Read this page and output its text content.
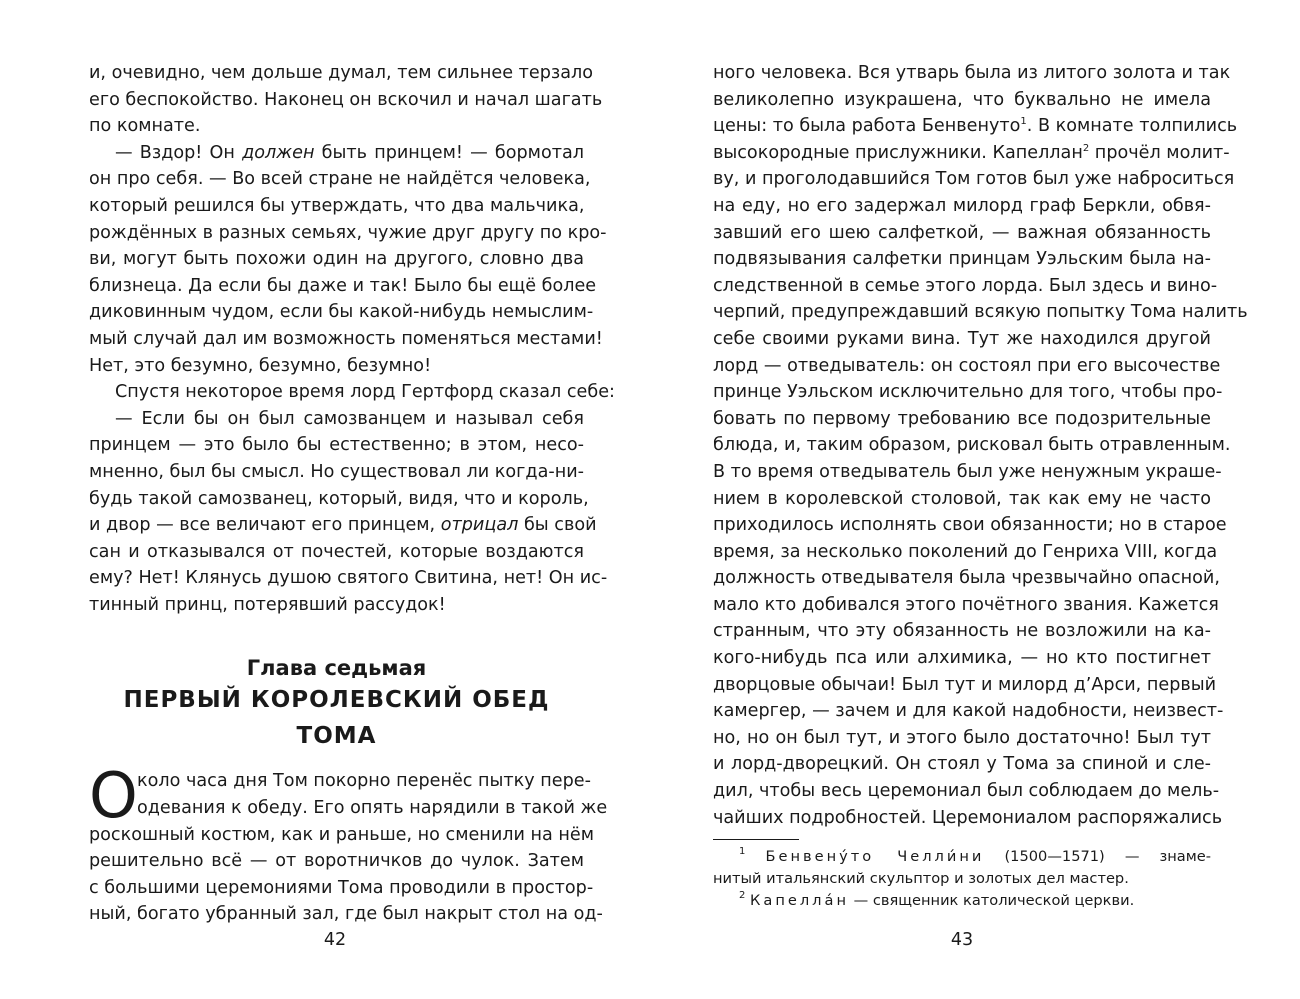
и, очевидно, чем дольше думал, тем сильнее терзало
его беспокойство. Наконец он вскочил и начал шагать
по комнате.
— Вздор! Он должен быть принцем! — бормотал
он про себя. — Во всей стране не найдётся человека,
который решился бы утверждать, что два мальчика,
рождённых в разных семьях, чужие друг другу по кро-
ви, могут быть похожи один на другого, словно два
близнеца. Да если бы даже и так! Было бы ещё более
диковинным чудом, если бы какой-нибудь немыслим-
мый случай дал им возможность поменяться местами!
Нет, это безумно, безумно, безумно!
Спустя некоторое время лорд Гертфорд сказал себе:
— Если бы он был самозванцем и называл себя
принцем — это было бы естественно; в этом, несо-
мненно, был бы смысл. Но существовал ли когда-ни-
будь такой самозванец, который, видя, что и король,
и двор — все величают его принцем, отрицал бы свой
сан и отказывался от почестей, которые воздаются
ему? Нет! Клянусь душою святого Свитина, нет! Он ис-
тинный принц, потерявший рассудок!
Глава седьмая
ПЕРВЫЙ КОРОЛЕВСКИЙ ОБЕД ТОМА
О коло часа дня Том покорно перенёс пытку пере-
одевания к обеду. Его опять нарядили в такой же
роскошный костюм, как и раньше, но сменили на нём
решительно всё — от воротничков до чулок. Затем
с большими церемониями Тома проводили в простор-
ный, богато убранный зал, где был накрыт стол на од-
42
ного человека. Вся утварь была из литого золота и так
великолепно изукрашена, что буквально не имела
цены: то была работа Бенвенуто$^1$. В комнате толпились
высокородные прислужники. Капеллан$^2$ прочёл молит-
ву, и проголодавшийся Том готов был уже наброситься
на еду, но его задержал милорд граф Беркли, обвя-
завший его шею салфеткой, — важная обязанность
подвязывания салфетки принцам Уэльским была на-
следственной в семье этого лорда. Был здесь и вино-
черпий, предупреждавший всякую попытку Тома налить
себе своими руками вина. Тут же находился другой
лорд — отведыватель: он состоял при его высочестве
принце Уэльском исключительно для того, чтобы про-
бовать по первому требованию все подозрительные
блюда, и, таким образом, рисковал быть отравленным.
В то время отведыватель был уже ненужным украше-
нием в королевской столовой, так как ему не часто
приходилось исполнять свои обязанности; но в старое
время, за несколько поколений до Генриха VIII, когда
должность отведывателя была чрезвычайно опасной,
мало кто добивался этого почётного звания. Кажется
странным, что эту обязанность не возложили на ка-
кого-нибудь пса или алхимика, — но кто постигнет
дворцовые обычаи! Был тут и милорд д’Арси, первый
камергер, — зачем и для какой надобности, неизвест-
но, но он был тут, и этого было достаточно! Был тут
и лорд-дворецкий. Он стоял у Тома за спиной и сле-
дил, чтобы весь церемониал был соблюдаем до мель-
чайших подробностей. Церемониалом распоряжались
$^1$ Бенвену́то Челли́ни (1500—1571) — знаме-
нитый итальянский скульптор и золотых дел мастер.
$^2$ Капелла́н — священник католической церкви.
43
